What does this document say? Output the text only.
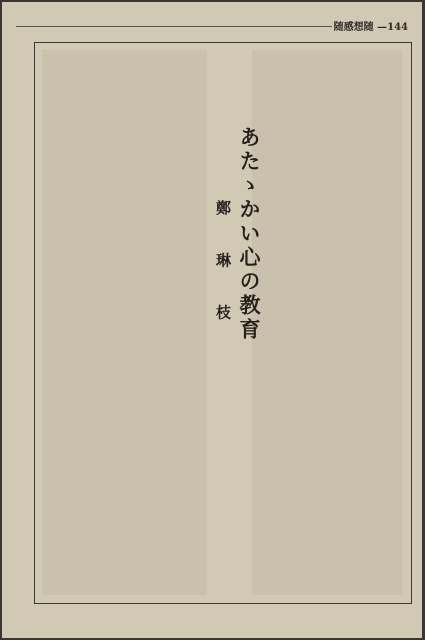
随感想随 —144
あたゝかい心の教育
鄭 琳 枝
